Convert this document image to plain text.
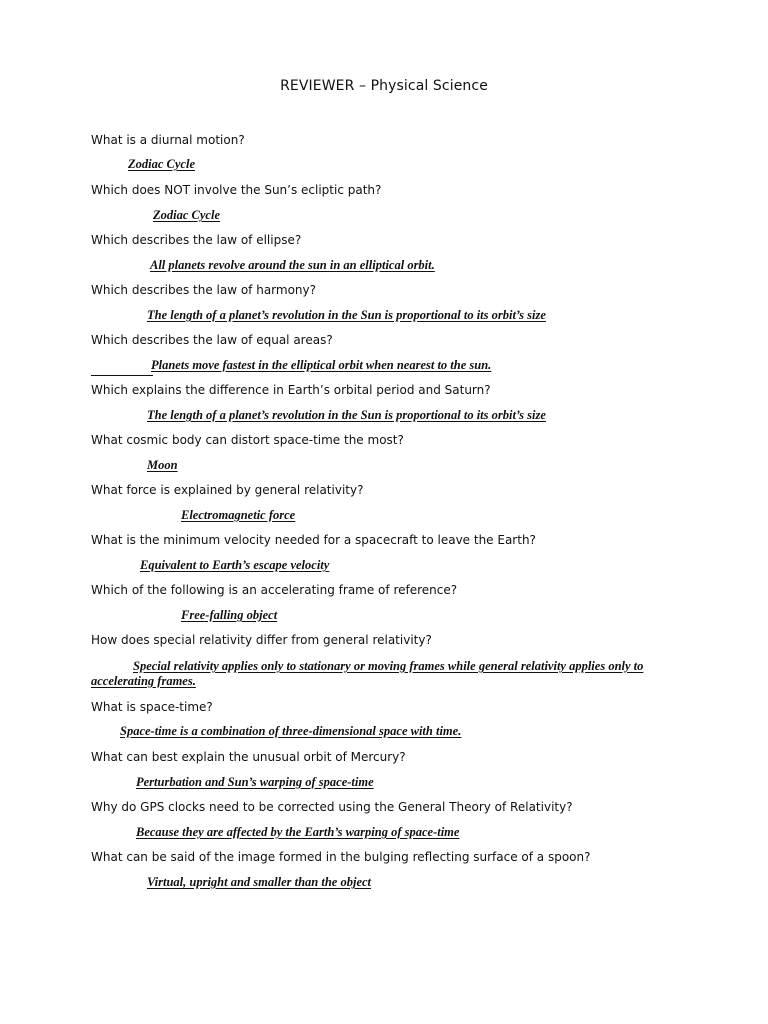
REVIEWER – Physical Science
What is a diurnal motion?
Zodiac Cycle
Which does NOT involve the Sun’s ecliptic path?
Zodiac Cycle
Which describes the law of ellipse?
All planets revolve around the sun in an elliptical orbit.
Which describes the law of harmony?
The length of a planet’s revolution in the Sun is proportional to its orbit’s size
Which describes the law of equal areas?
Planets move fastest in the elliptical orbit when nearest to the sun.
Which explains the difference in Earth’s orbital period and Saturn?
The length of a planet’s revolution in the Sun is proportional to its orbit’s size
What cosmic body can distort space-time the most?
Moon
What force is explained by general relativity?
Electromagnetic force
What is the minimum velocity needed for a spacecraft to leave the Earth?
Equivalent to Earth’s escape velocity
Which of the following is an accelerating frame of reference?
Free-falling object
How does special relativity differ from general relativity?
Special relativity applies only to stationary or moving frames while general relativity applies only to accelerating frames.
What is space-time?
Space-time is a combination of three-dimensional space with time.
What can best explain the unusual orbit of Mercury?
Perturbation and Sun’s warping of space-time
Why do GPS clocks need to be corrected using the General Theory of Relativity?
Because they are affected by the Earth’s warping of space-time
What can be said of the image formed in the bulging reflecting surface of a spoon?
Virtual, upright and smaller than the object
